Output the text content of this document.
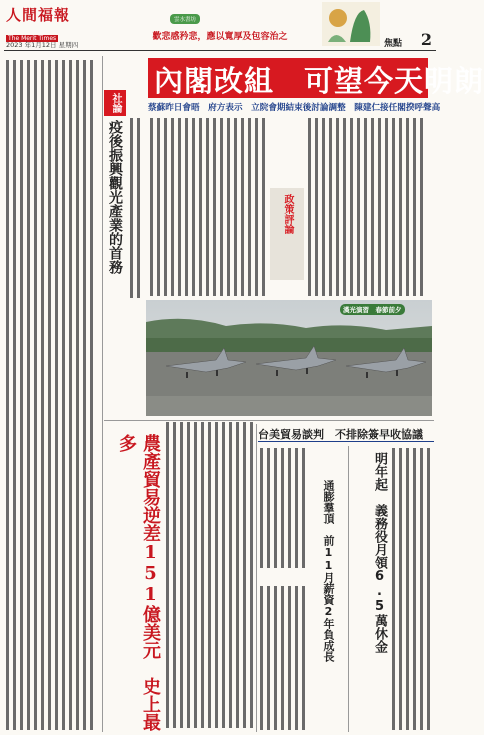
人間福報
The Merit Times
2023 年1月12日 星期四
雲水書坊
歡悲感矜悲，應以寬厚及包容治之
焦點 2
社論
疫後振興觀光產業的首務
內閣改組　可望今天明朗
蔡蘇昨日會晤　府方表示　立院會期結束後討論調整　陳建仁接任閣揆呼聲高
政策評論
漢光演習　春節前夕
台美貿易談判　不排除簽早收協議
農產貿易逆差151億美元　史上最多
通膨羣頂　前11月薪資2年負成長	明年起　義務役月領6.5萬休金
